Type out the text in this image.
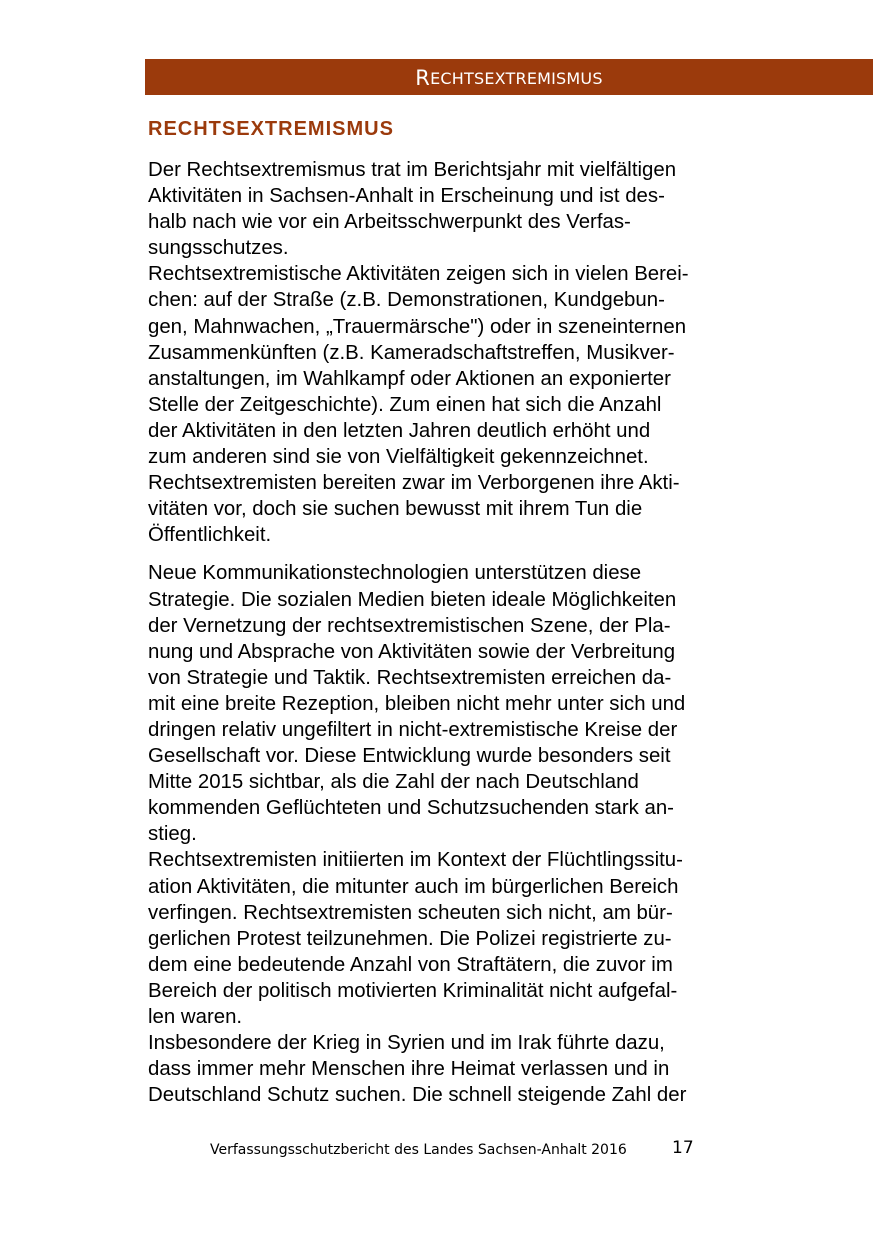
R ECHTSEXTREMISMUS
RECHTSEXTREMISMUS

Der Rechtsextremismus trat im Berichtsjahr mit vielfältigen
Aktivitäten in Sachsen-Anhalt in Erscheinung und ist des-
halb nach wie vor ein Arbeitsschwerpunkt des Verfas-
sungsschutzes.

Rechtsextremistische Aktivitäten zeigen sich in vielen Berei-
chen: auf der Straße (z.B. Demonstrationen, Kundgebun-
gen, Mahnwachen, „Trauermärsche") oder in szeneinternen
Zusammenkünften (z.B. Kameradschaftstreffen, Musikver-
anstaltungen, im Wahlkampf oder Aktionen an exponierter
Stelle der Zeitgeschichte). Zum einen hat sich die Anzahl
der Aktivitäten in den letzten Jahren deutlich erhöht und
zum anderen sind sie von Vielfältigkeit gekennzeichnet.
Rechtsextremisten bereiten zwar im Verborgenen ihre Akti-
vitäten vor, doch sie suchen bewusst mit ihrem Tun die
Öffentlichkeit.

Neue Kommunikationstechnologien unterstützen diese
Strategie. Die sozialen Medien bieten ideale Möglichkeiten
der Vernetzung der rechtsextremistischen Szene, der Pla-
nung und Absprache von Aktivitäten sowie der Verbreitung
von Strategie und Taktik. Rechtsextremisten erreichen da-
mit eine breite Rezeption, bleiben nicht mehr unter sich und
dringen relativ ungefiltert in nicht-extremistische Kreise der
Gesellschaft vor. Diese Entwicklung wurde besonders seit
Mitte 2015 sichtbar, als die Zahl der nach Deutschland
kommenden Geflüchteten und Schutzsuchenden stark an-
stieg.

Rechtsextremisten initiierten im Kontext der Flüchtlingssitu-
ation Aktivitäten, die mitunter auch im bürgerlichen Bereich
verfingen. Rechtsextremisten scheuten sich nicht, am bür-
gerlichen Protest teilzunehmen. Die Polizei registrierte zu-
dem eine bedeutende Anzahl von Straftätern, die zuvor im
Bereich der politisch motivierten Kriminalität nicht aufgefal-
len waren.

Insbesondere der Krieg in Syrien und im Irak führte dazu,
dass immer mehr Menschen ihre Heimat verlassen und in
Deutschland Schutz suchen. Die schnell steigende Zahl der

Verfassungsschutzbericht des Landes Sachsen-Anhalt 2016	17
